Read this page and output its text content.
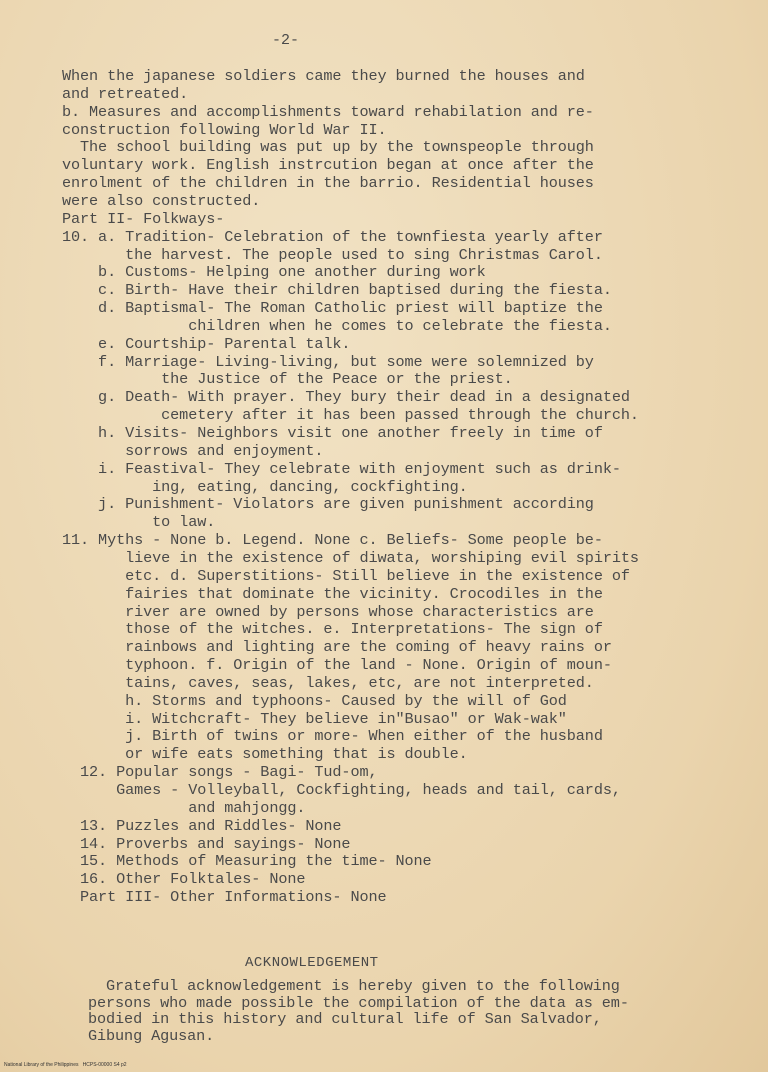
-2-
When the japanese soldiers came they burned the houses and
and retreated.
b. Measures and accomplishments toward rehabilation and re-
construction following World War II.
The school building was put up by the townspeople through
voluntary work. English instrcution began at once after the
enrolment of the children in the barrio. Residential houses
were also constructed.
Part II- Folkways-
10. a. Tradition- Celebration of the townfiesta yearly after
the harvest. The people used to sing Christmas Carol.
b. Customs- Helping one another during work
c. Birth- Have their children baptised during the fiesta.
d. Baptismal- The Roman Catholic priest will baptize the
children when he comes to celebrate the fiesta.
e. Courtship- Parental talk.
f. Marriage- Living-living, but some were solemnized by
the Justice of the Peace or the priest.
g. Death- With prayer. They bury their dead in a designated
cemetery after it has been passed through the church.
h. Visits- Neighbors visit one another freely in time of
sorrows and enjoyment.
i. Feastival- They celebrate with enjoyment such as drink-
ing, eating, dancing, cockfighting.
j. Punishment- Violators are given punishment according
to law.
11. Myths - None b. Legend. None c. Beliefs- Some people be-
lieve in the existence of diwata, worshiping evil spirits
etc. d. Superstitions- Still believe in the existence of
fairies that dominate the vicinity. Crocodiles in the
river are owned by persons whose characteristics are
those of the witches. e. Interpretations- The sign of
rainbows and lighting are the coming of heavy rains or
typhoon. f. Origin of the land - None. Origin of moun-
tains, caves, seas, lakes, etc, are not interpreted.
h. Storms and typhoons- Caused by the will of God
i. Witchcraft- They believe in"Busao" or Wak-wak"
j. Birth of twins or more- When either of the husband
or wife eats something that is double.
12. Popular songs - Bagi- Tud-om,
Games - Volleyball, Cockfighting, heads and tail, cards,
and mahjongg.
13. Puzzles and Riddles- None
14. Proverbs and sayings- None
15. Methods of Measuring the time- None
16. Other Folktales- None
Part III- Other Informations- None
ACKNOWLEDGEMENT
Grateful acknowledgement is hereby given to the following
persons who made possible the compilation of the data as em-
bodied in this history and cultural life of San Salvador,
Gibung Agusan.
National Library of the Philippines   HCPS-00000 S4 p2
